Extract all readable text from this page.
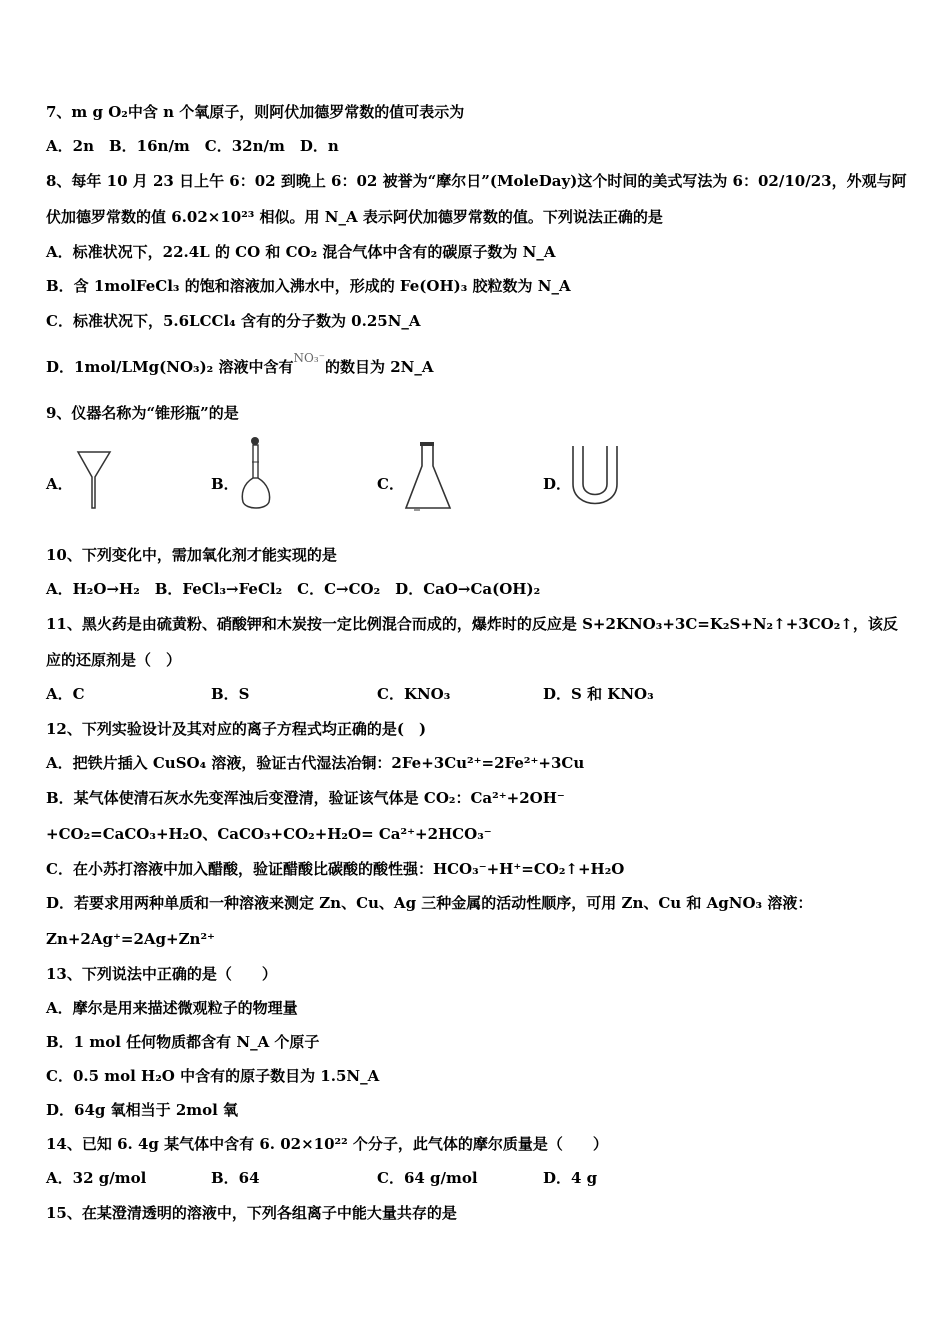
7、m g O₂中含 n 个氧原子，则阿伏加德罗常数的值可表示为
A．2n　B．16n/m　C．32n/m　D．n
8、每年 10 月 23 日上午 6：02 到晚上 6：02 被誉为“摩尔日”(MoleDay)这个时间的美式写法为 6：02/10/23，外观与阿
伏加德罗常数的值 6.02×10²³ 相似。用 N_A 表示阿伏加德罗常数的值。下列说法正确的是
A．标准状况下，22.4L 的 CO 和 CO₂ 混合气体中含有的碳原子数为 N_A
B．含 1molFeCl₃ 的饱和溶液加入沸水中，形成的 Fe(OH)₃ 胶粒数为 N_A
C．标准状况下，5.6LCCl₄ 含有的分子数为 0.25N_A
D．1mol/LMg(NO₃)₂ 溶液中含有NO₃⁻的数目为 2N_A
9、仪器名称为“锥形瓶”的是
A．	B．	C．	D．
10、下列变化中，需加氧化剂才能实现的是
A．H₂O→H₂　B．FeCl₃→FeCl₂　C．C→CO₂　D．CaO→Ca(OH)₂
11、黑火药是由硫黄粉、硝酸钾和木炭按一定比例混合而成的，爆炸时的反应是 S+2KNO₃+3C=K₂S+N₂↑+3CO₂↑，该反
应的还原剂是（　）
A．C	B．S	C．KNO₃	D．S 和 KNO₃
12、下列实验设计及其对应的离子方程式均正确的是(　)
A．把铁片插入 CuSO₄ 溶液，验证古代湿法冶铜：2Fe+3Cu²⁺=2Fe²⁺+3Cu
B．某气体使清石灰水先变浑浊后变澄清，验证该气体是 CO₂：Ca²⁺+2OH⁻
+CO₂=CaCO₃+H₂O、CaCO₃+CO₂+H₂O= Ca²⁺+2HCO₃⁻
C．在小苏打溶液中加入醋酸，验证醋酸比碳酸的酸性强：HCO₃⁻+H⁺=CO₂↑+H₂O
D．若要求用两种单质和一种溶液来测定 Zn、Cu、Ag 三种金属的活动性顺序，可用 Zn、Cu 和 AgNO₃ 溶液：
Zn+2Ag⁺=2Ag+Zn²⁺
13、下列说法中正确的是（　　）
A．摩尔是用来描述微观粒子的物理量
B．1 mol 任何物质都含有 N_A 个原子
C．0.5 mol H₂O 中含有的原子数目为 1.5N_A
D．64g 氧相当于 2mol 氧
14、已知 6. 4g 某气体中含有 6. 02×10²² 个分子，此气体的摩尔质量是（　　）
A．32 g/mol	B．64	C．64 g/mol	D．4 g
15、在某澄清透明的溶液中，下列各组离子中能大量共存的是
